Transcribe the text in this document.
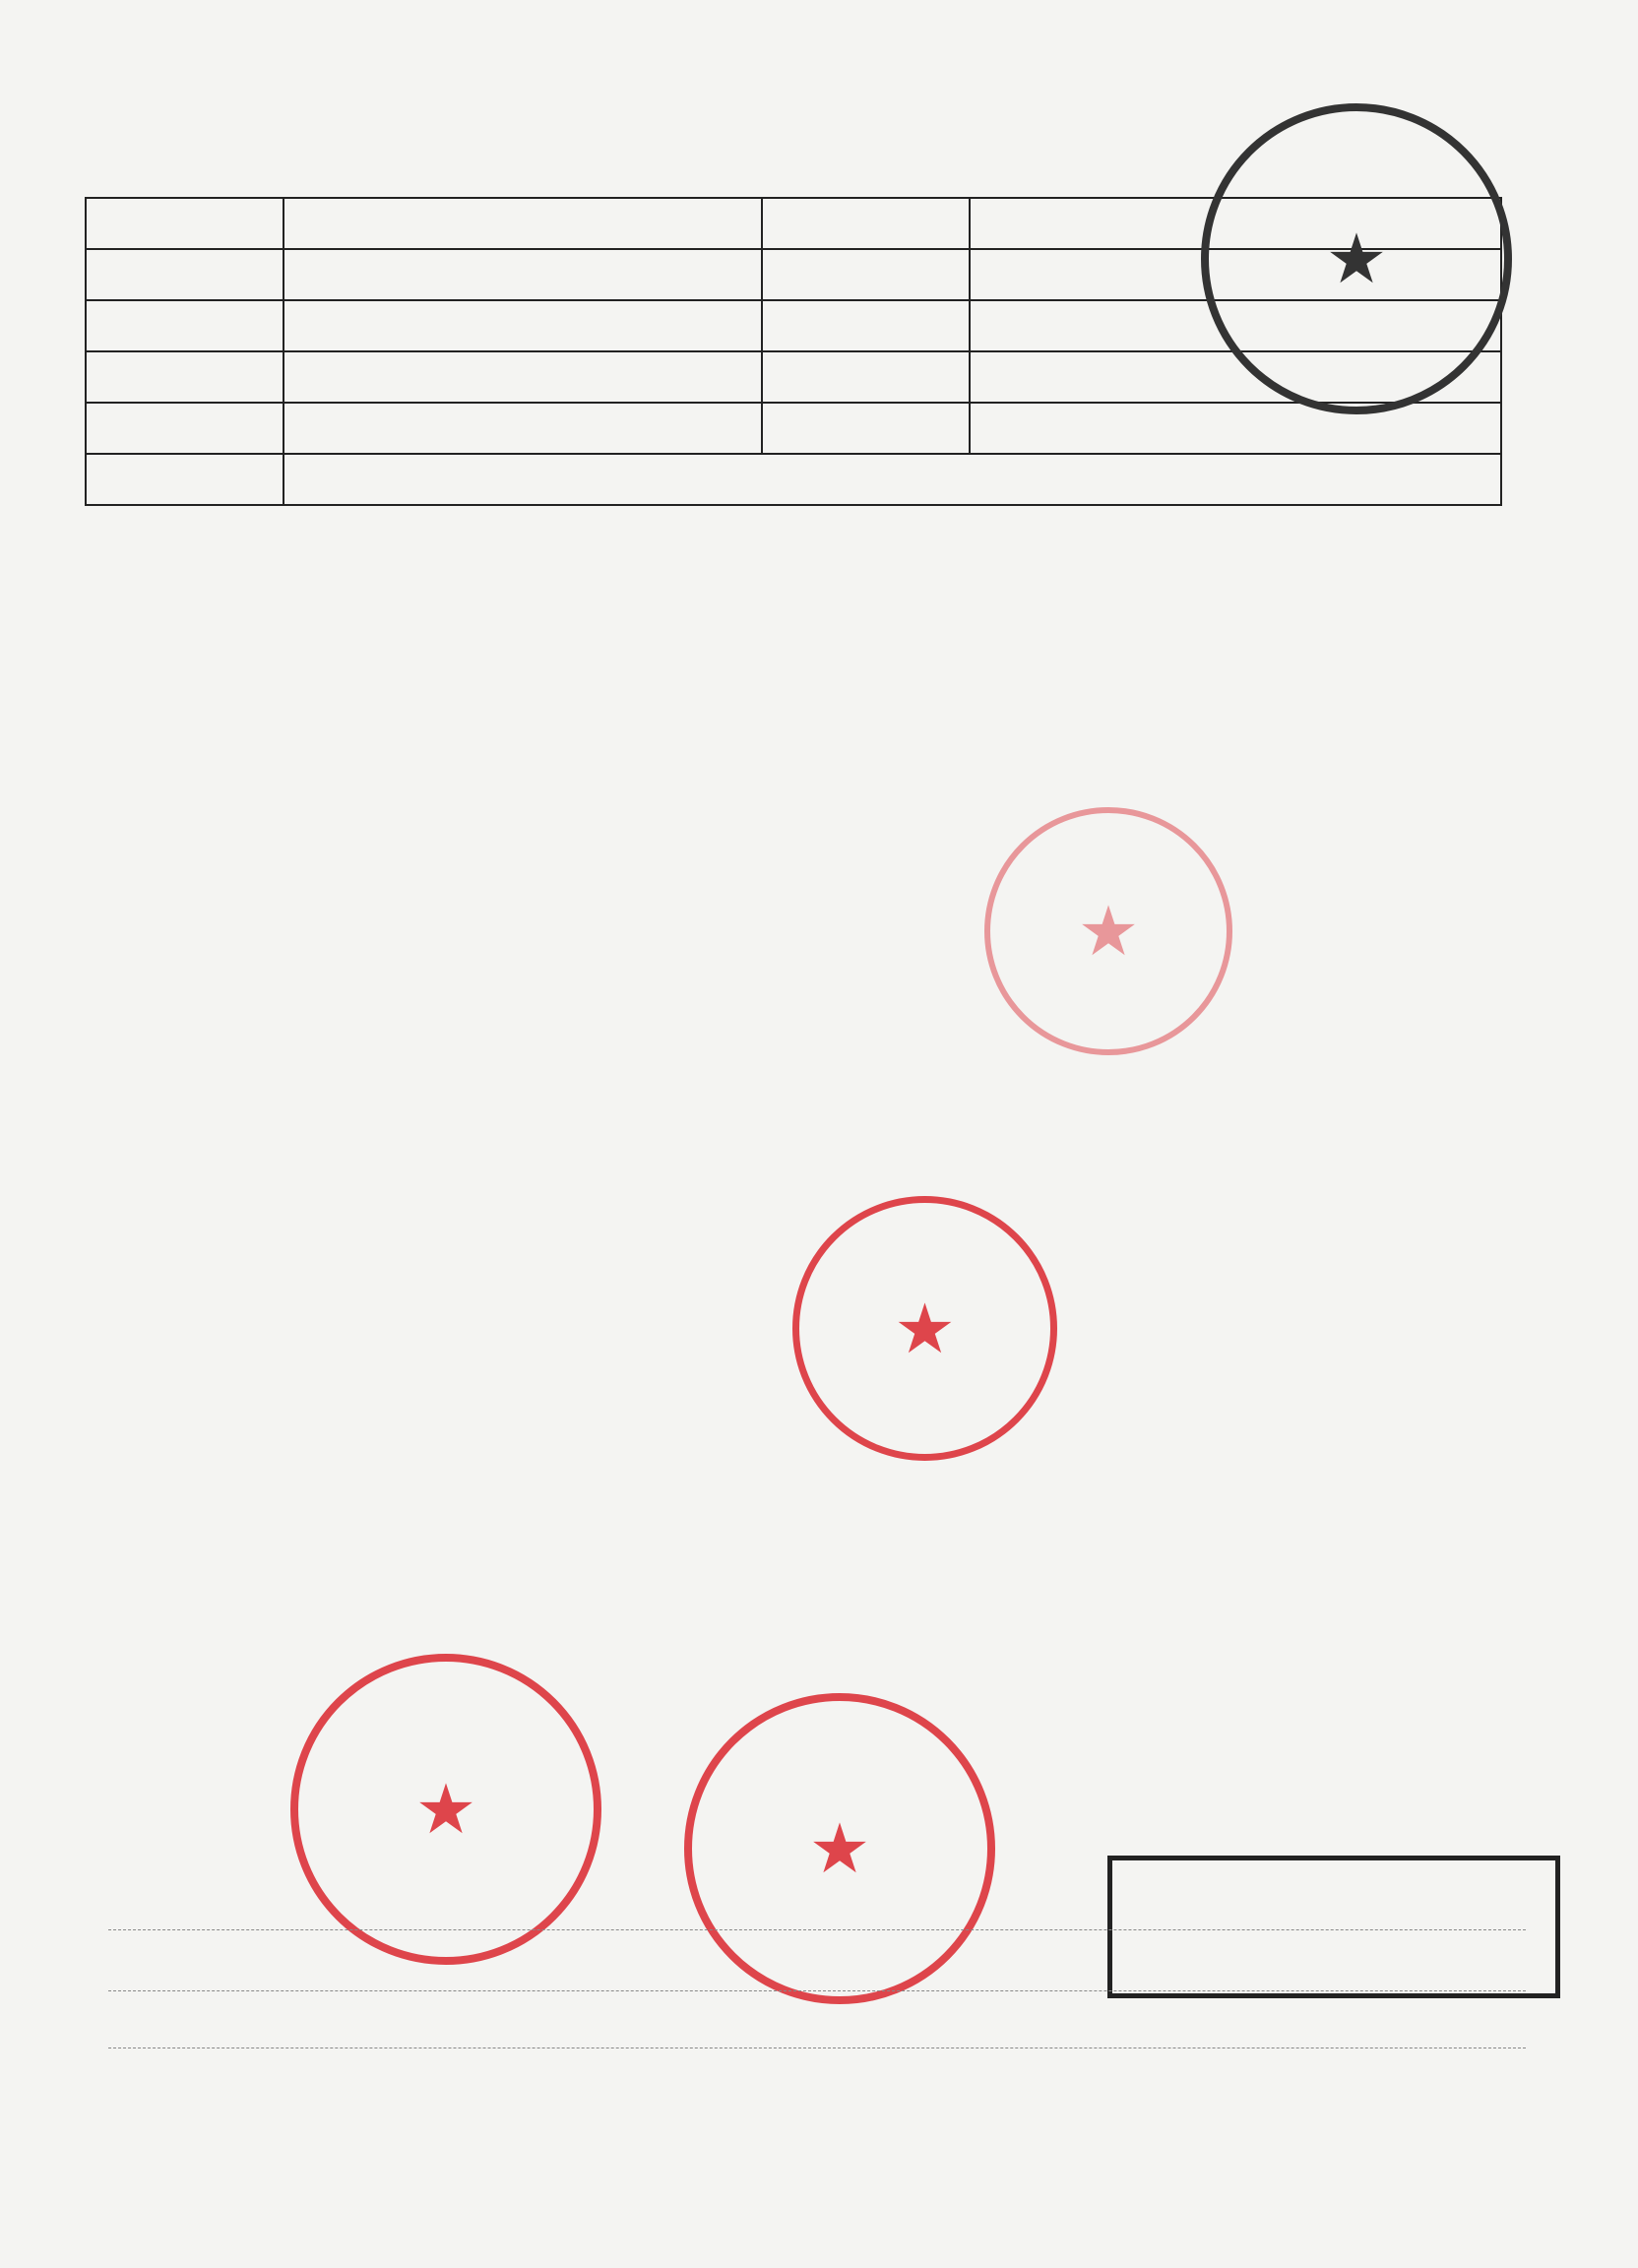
★
★
★
★	★
